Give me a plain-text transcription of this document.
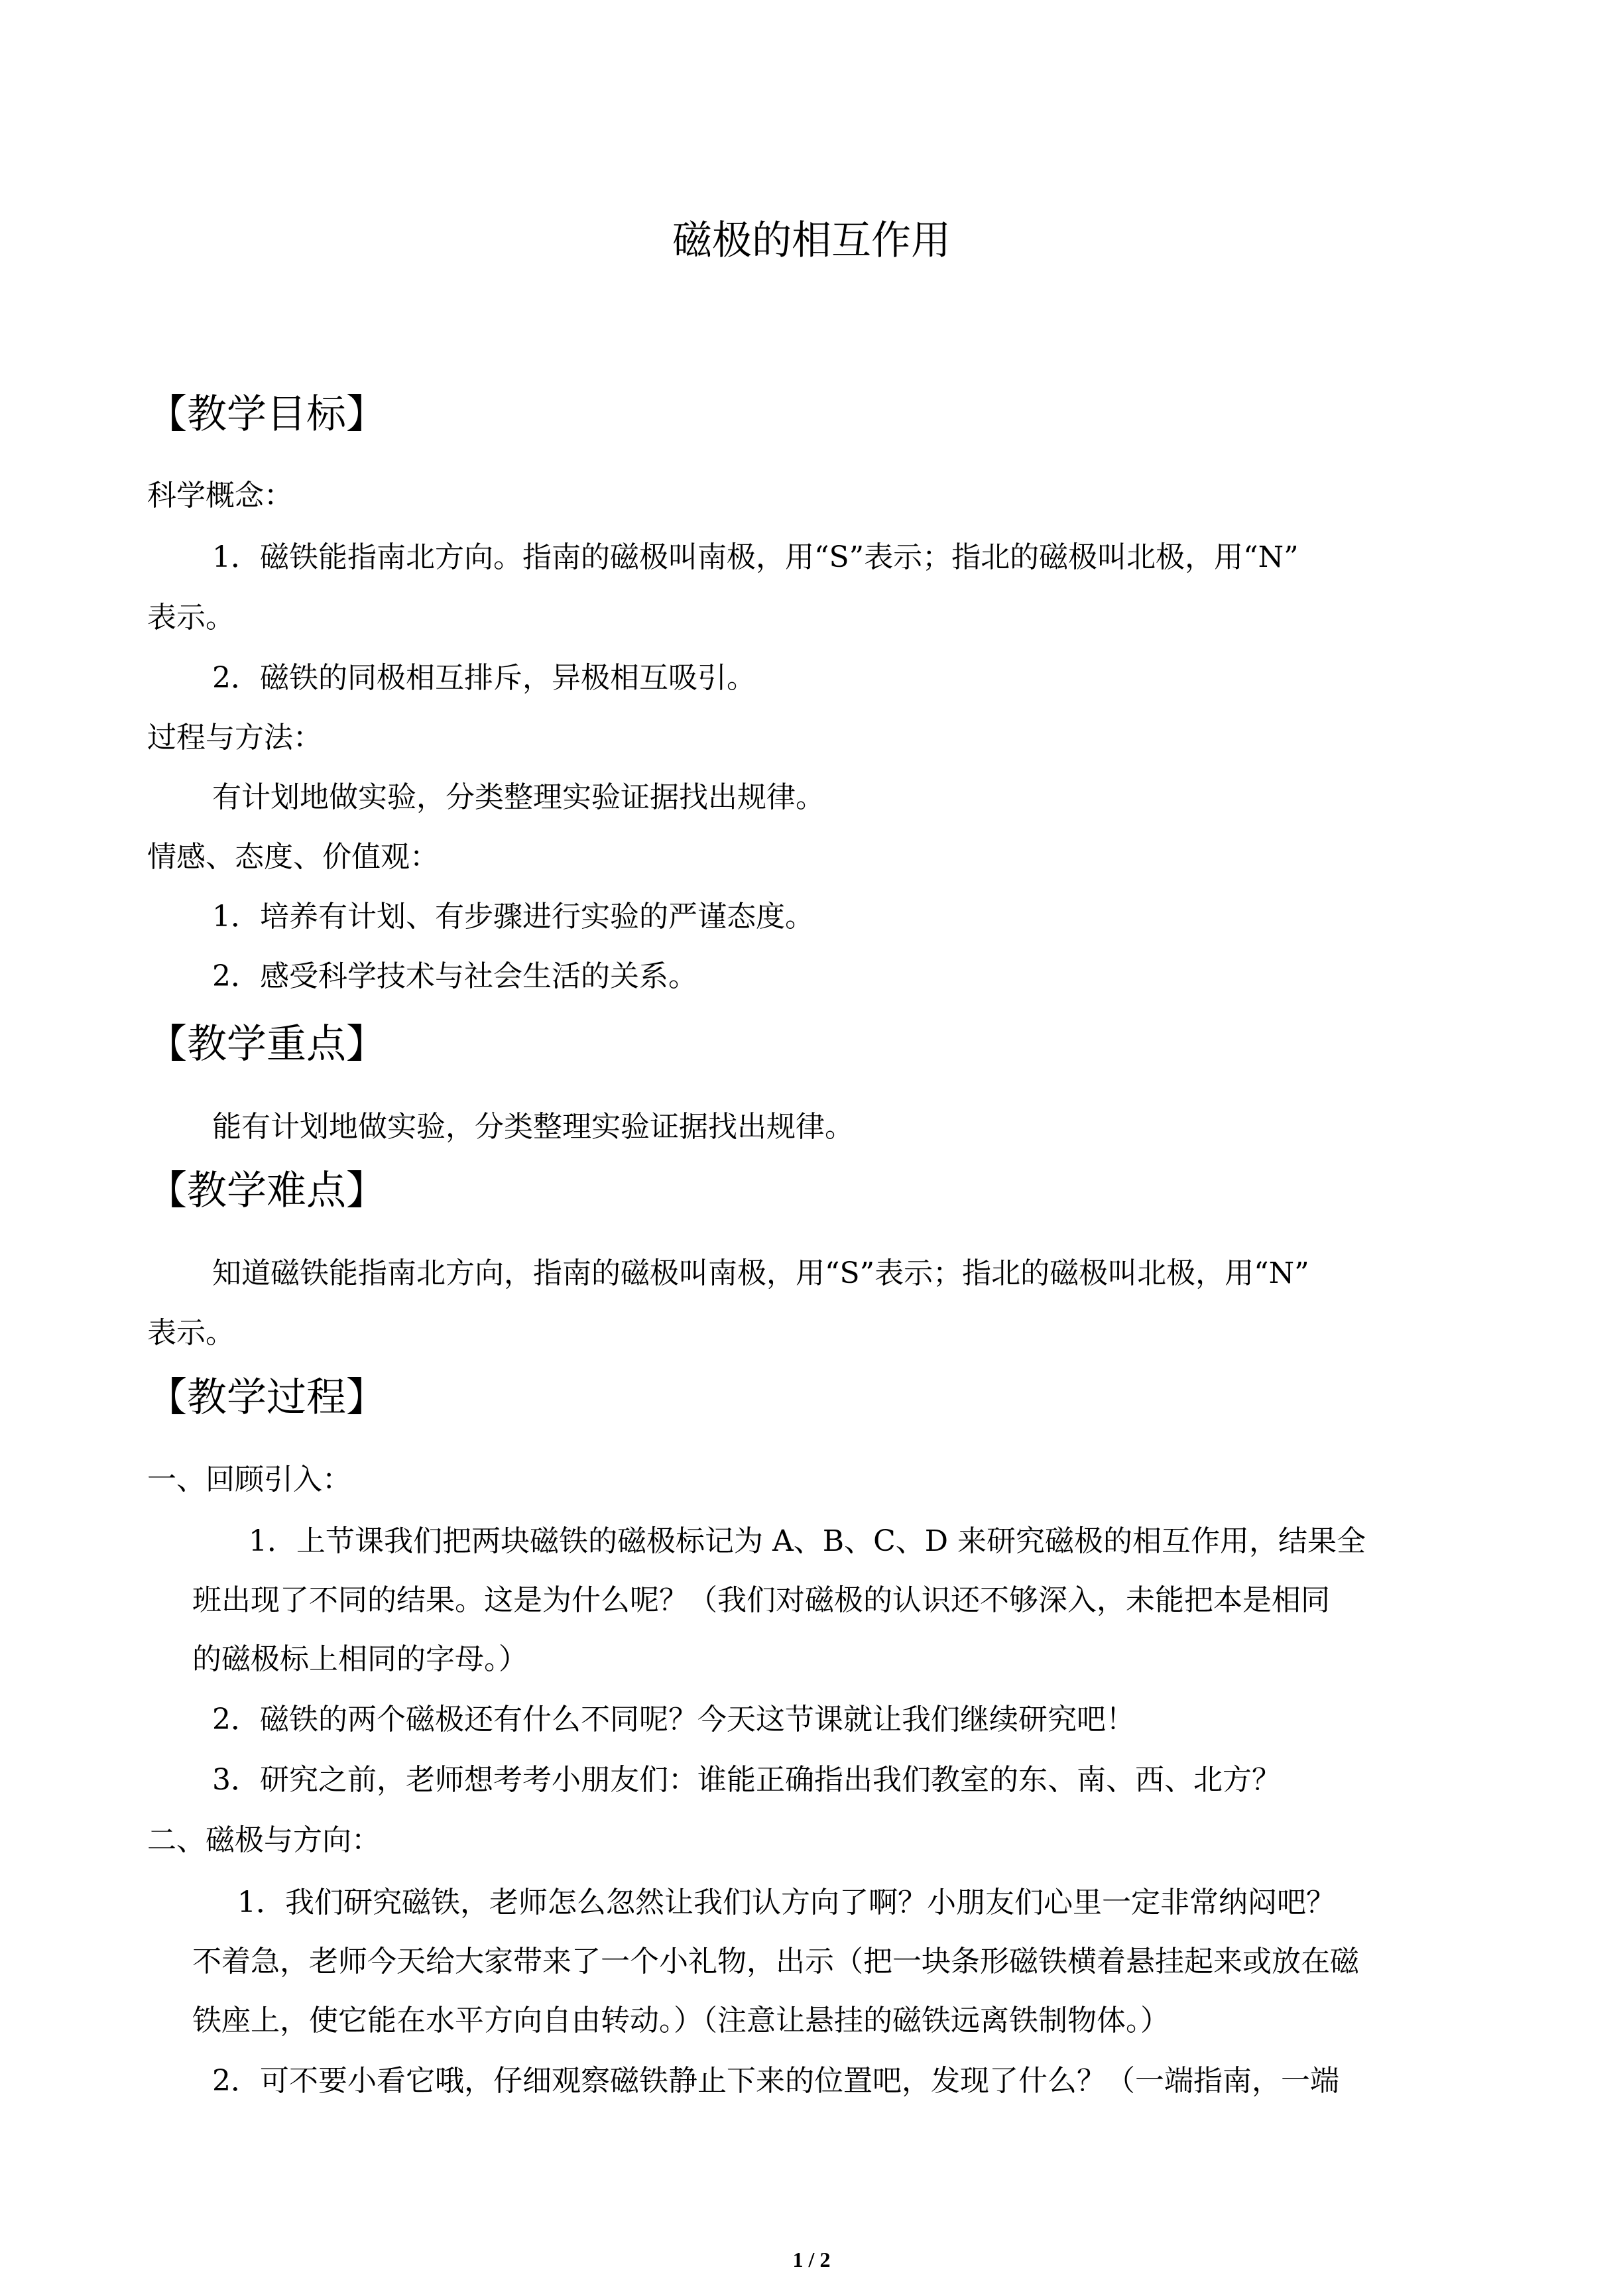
磁极的相互作用
【教学目标】

科学概念：

1．磁铁能指南北方向。指南的磁极叫南极，用“S”表示；指北的磁极叫北极，用“N”

表示。

2．磁铁的同极相互排斥，异极相互吸引。

过程与方法：

有计划地做实验，分类整理实验证据找出规律。

情感、态度、价值观：

1．培养有计划、有步骤进行实验的严谨态度。

2．感受科学技术与社会生活的关系。

【教学重点】

能有计划地做实验，分类整理实验证据找出规律。

【教学难点】

知道磁铁能指南北方向，指南的磁极叫南极，用“S”表示；指北的磁极叫北极，用“N”

表示。

【教学过程】

一、回顾引入：

1．上节课我们把两块磁铁的磁极标记为 A、B、C、D 来研究磁极的相互作用，结果全

班出现了不同的结果。这是为什么呢？（我们对磁极的认识还不够深入，未能把本是相同

的磁极标上相同的字母。）

2．磁铁的两个磁极还有什么不同呢？今天这节课就让我们继续研究吧！

3．研究之前，老师想考考小朋友们：谁能正确指出我们教室的东、南、西、北方？

二、磁极与方向：

1．我们研究磁铁，老师怎么忽然让我们认方向了啊？小朋友们心里一定非常纳闷吧？

不着急，老师今天给大家带来了一个小礼物，出示（把一块条形磁铁横着悬挂起来或放在磁

铁座上，使它能在水平方向自由转动。）（注意让悬挂的磁铁远离铁制物体。）

2．可不要小看它哦，仔细观察磁铁静止下来的位置吧，发现了什么？（一端指南，一端

1 / 2
